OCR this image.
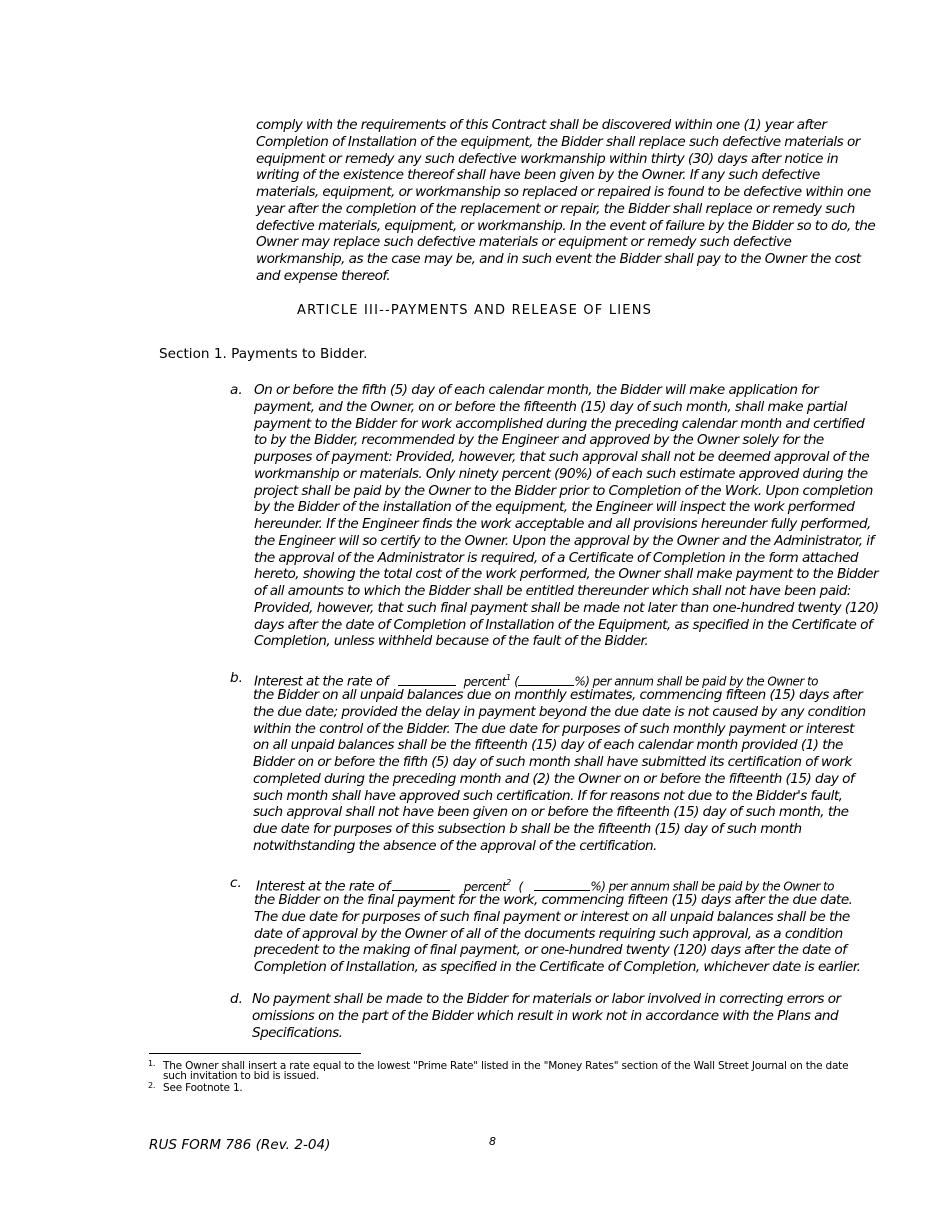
comply with the requirements of this Contract shall be discovered within one (1) year after Completion of Installation of the equipment, the Bidder shall replace such defective materials or equipment or remedy any such defective workmanship within thirty (30) days after notice in writing of the existence thereof shall have been given by the Owner. If any such defective materials, equipment, or workmanship so replaced or repaired is found to be defective within one year after the completion of the replacement or repair, the Bidder shall replace or remedy such defective materials, equipment, or workmanship. In the event of failure by the Bidder so to do, the Owner may replace such defective materials or equipment or remedy such defective workmanship, as the case may be, and in such event the Bidder shall pay to the Owner the cost and expense thereof.
ARTICLE III--PAYMENTS AND RELEASE OF LIENS
Section 1. Payments to Bidder.
a. On or before the fifth (5) day of each calendar month, the Bidder will make application for payment, and the Owner, on or before the fifteenth (15) day of such month, shall make partial payment to the Bidder for work accomplished during the preceding calendar month and certified to by the Bidder, recommended by the Engineer and approved by the Owner solely for the purposes of payment: Provided, however, that such approval shall not be deemed approval of the workmanship or materials. Only ninety percent (90%) of each such estimate approved during the project shall be paid by the Owner to the Bidder prior to Completion of the Work. Upon completion by the Bidder of the installation of the equipment, the Engineer will inspect the work performed hereunder. If the Engineer finds the work acceptable and all provisions hereunder fully performed, the Engineer will so certify to the Owner. Upon the approval by the Owner and the Administrator, if the approval of the Administrator is required, of a Certificate of Completion in the form attached hereto, showing the total cost of the work performed, the Owner shall make payment to the Bidder of all amounts to which the Bidder shall be entitled thereunder which shall not have been paid: Provided, however, that such final payment shall be made not later than one-hundred twenty (120) days after the date of Completion of Installation of the Equipment, as specified in the Certificate of Completion, unless withheld because of the fault of the Bidder.
b. Interest at the rate of	percent$^1$ (	%) per annum shall be paid by the Owner to
the Bidder on all unpaid balances due on monthly estimates, commencing fifteen (15) days after the due date; provided the delay in payment beyond the due date is not caused by any condition within the control of the Bidder. The due date for purposes of such monthly payment or interest on all unpaid balances shall be the fifteenth (15) day of each calendar month provided (1) the Bidder on or before the fifth (5) day of such month shall have submitted its certification of work completed during the preceding month and (2) the Owner on or before the fifteenth (15) day of such month shall have approved such certification. If for reasons not due to the Bidder's fault, such approval shall not have been given on or before the fifteenth (15) day of such month, the due date for purposes of this subsection b shall be the fifteenth (15) day of such month notwithstanding the absence of the approval of the certification.
c. Interest at the rate of	percent$^2$ (	%) per annum shall be paid by the Owner to
the Bidder on the final payment for the work, commencing fifteen (15) days after the due date. The due date for purposes of such final payment or interest on all unpaid balances shall be the date of approval by the Owner of all of the documents requiring such approval, as a condition precedent to the making of final payment, or one-hundred twenty (120) days after the date of Completion of Installation, as specified in the Certificate of Completion, whichever date is earlier.
d. No payment shall be made to the Bidder for materials or labor involved in correcting errors or omissions on the part of the Bidder which result in work not in accordance with the Plans and Specifications.
1. The Owner shall insert a rate equal to the lowest "Prime Rate" listed in the "Money Rates" section of the Wall Street Journal on the date such invitation to bid is issued.
2. See Footnote 1.
RUS FORM 786 (Rev. 2-04)	8
